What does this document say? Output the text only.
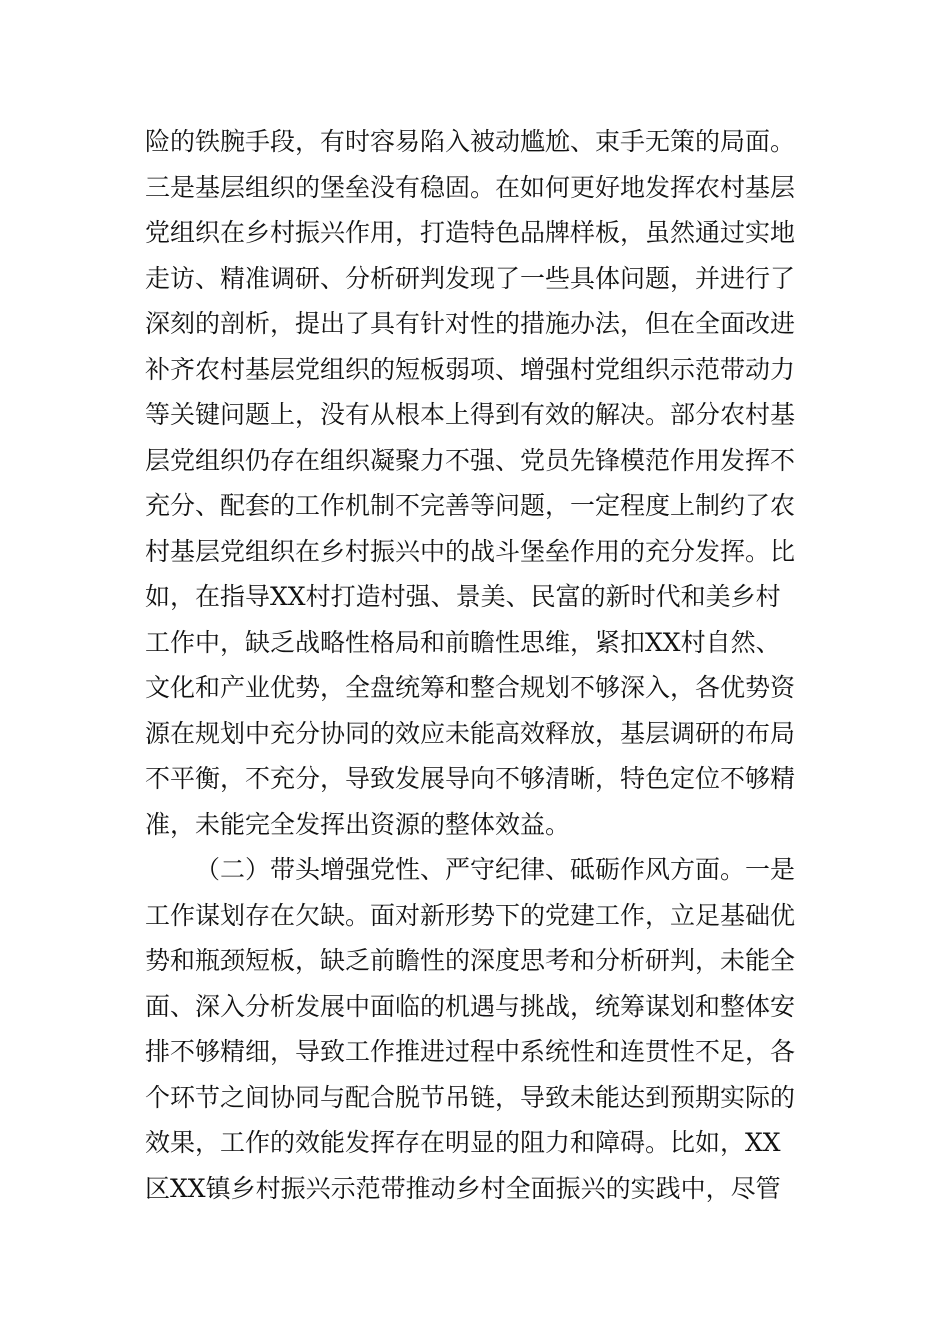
险的铁腕手段，有时容易陷入被动尴尬、束手无策的局面。
三是基层组织的堡垒没有稳固。在如何更好地发挥农村基层
党组织在乡村振兴作用，打造特色品牌样板，虽然通过实地
走访、精准调研、分析研判发现了一些具体问题，并进行了
深刻的剖析，提出了具有针对性的措施办法，但在全面改进
补齐农村基层党组织的短板弱项、增强村党组织示范带动力
等关键问题上，没有从根本上得到有效的解决。部分农村基
层党组织仍存在组织凝聚力不强、党员先锋模范作用发挥不
充分、配套的工作机制不完善等问题，一定程度上制约了农
村基层党组织在乡村振兴中的战斗堡垒作用的充分发挥。比
如，在指导XX村打造村强、景美、民富的新时代和美乡村
工作中，缺乏战略性格局和前瞻性思维，紧扣XX村自然、
文化和产业优势，全盘统筹和整合规划不够深入，各优势资
源在规划中充分协同的效应未能高效释放，基层调研的布局
不平衡，不充分，导致发展导向不够清晰，特色定位不够精
准，未能完全发挥出资源的整体效益。
（二）带头增强党性、严守纪律、砥砺作风方面。一是
工作谋划存在欠缺。面对新形势下的党建工作，立足基础优
势和瓶颈短板，缺乏前瞻性的深度思考和分析研判，未能全
面、深入分析发展中面临的机遇与挑战，统筹谋划和整体安
排不够精细，导致工作推进过程中系统性和连贯性不足，各
个环节之间协同与配合脱节吊链，导致未能达到预期实际的
效果，工作的效能发挥存在明显的阻力和障碍。比如，XX
区XX镇乡村振兴示范带推动乡村全面振兴的实践中，尽管
